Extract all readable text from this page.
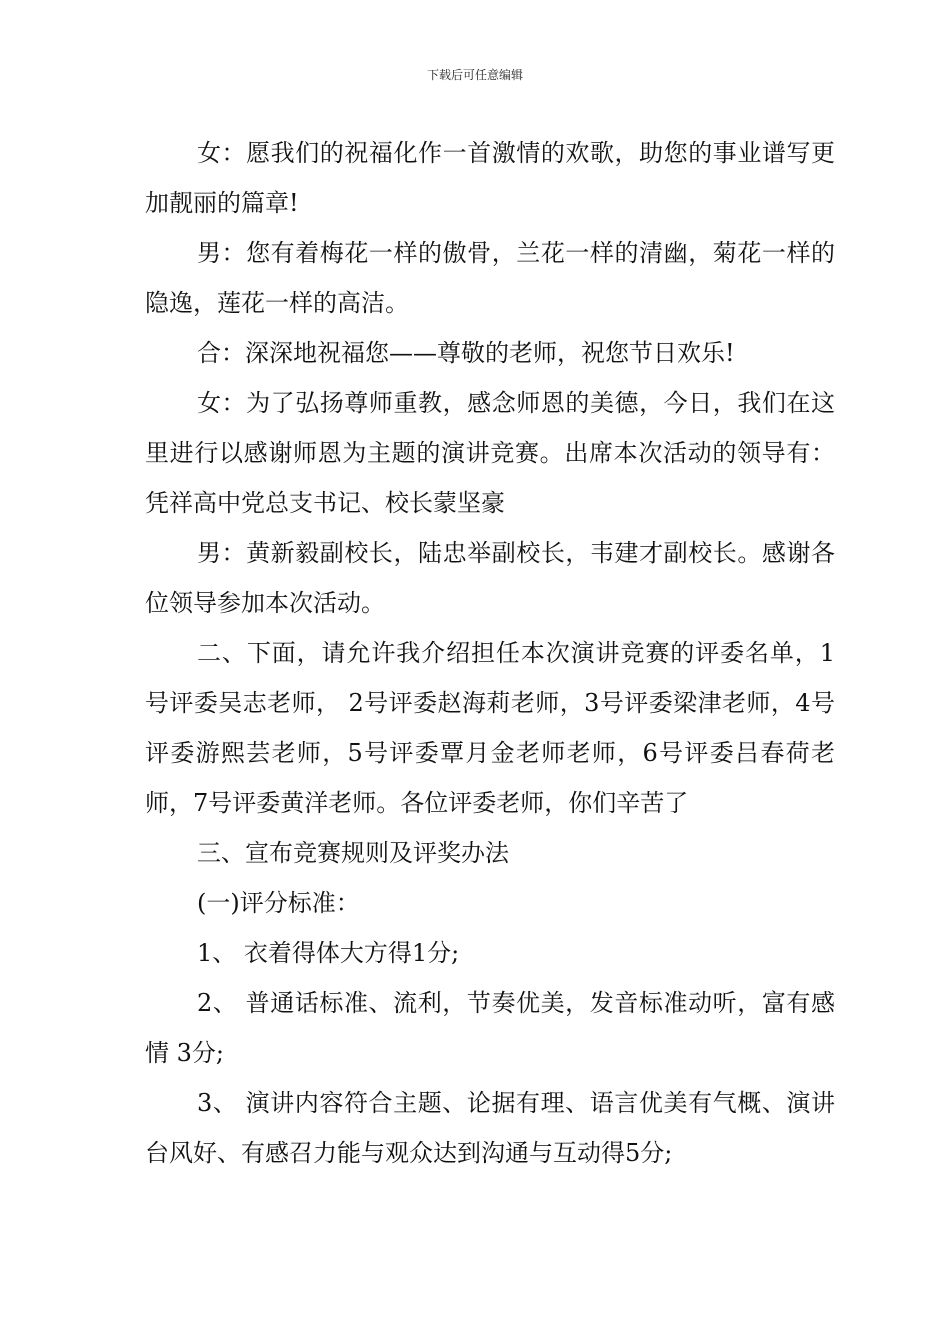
下载后可任意编辑

女：愿我们的祝福化作一首激情的欢歌，助您的事业谱写更加靓丽的篇章!

男：您有着梅花一样的傲骨，兰花一样的清幽，菊花一样的隐逸，莲花一样的高洁。

合：深深地祝福您——尊敬的老师，祝您节日欢乐!

女：为了弘扬尊师重教，感念师恩的美德，今日，我们在这里进行以感谢师恩为主题的演讲竞赛。出席本次活动的领导有：凭祥高中党总支书记、校长蒙坚豪

男：黄新毅副校长，陆忠举副校长，韦建才副校长。感谢各位领导参加本次活动。

二、下面，请允许我介绍担任本次演讲竞赛的评委名单，1号评委吴志老师， 2号评委赵海莉老师，3号评委梁津老师，4号评委游熙芸老师，5号评委覃月金老师老师，6号评委吕春荷老师，7号评委黄洋老师。各位评委老师，你们辛苦了

三、宣布竞赛规则及评奖办法

(一)评分标准：

1、 衣着得体大方得1分;

2、 普通话标准、流利，节奏优美，发音标准动听，富有感情 3分;

3、 演讲内容符合主题、论据有理、语言优美有气概、演讲台风好、有感召力能与观众达到沟通与互动得5分;
